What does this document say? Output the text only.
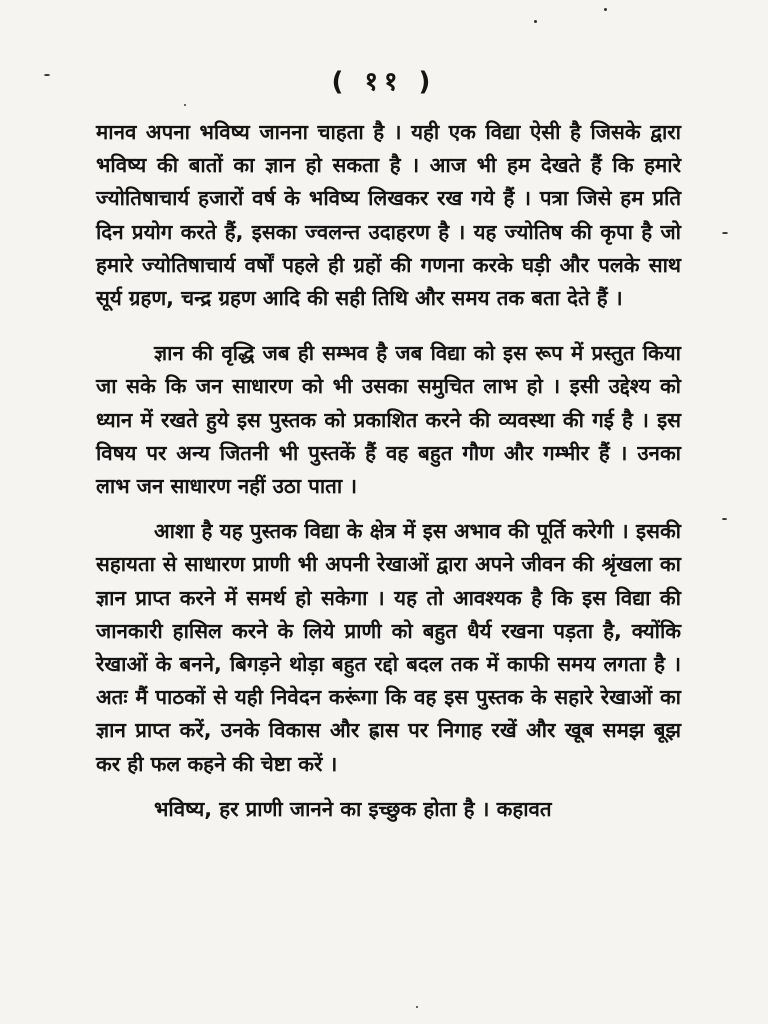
( ११ )

मानव अपना भविष्य जानना चाहता है । यही एक विद्या ऐसी है जिसके द्वारा भविष्य की बातों का ज्ञान हो सकता है । आज भी हम देखते हैं कि हमारे ज्योतिषाचार्य हजारों वर्ष के भविष्य लिखकर रख गये हैं । पत्रा जिसे हम प्रति दिन प्रयोग करते हैं, इसका ज्वलन्त उदाहरण है । यह ज्योतिष की कृपा है जो हमारे ज्योतिषाचार्य वर्षों पहले ही ग्रहों की गणना करके घड़ी और पलके साथ सूर्य ग्रहण, चन्द्र ग्रहण आदि की सही तिथि और समय तक बता देते हैं ।

ज्ञान की वृद्धि जब ही सम्भव है जब विद्या को इस रूप में प्रस्तुत किया जा सके कि जन साधारण को भी उसका समुचित लाभ हो । इसी उद्देश्य को ध्यान में रखते हुये इस पुस्तक को प्रकाशित करने की व्यवस्था की गई है । इस विषय पर अन्य जितनी भी पुस्तकें हैं वह बहुत गौण और गम्भीर हैं । उनका लाभ जन साधारण नहीं उठा पाता ।

आशा है यह पुस्तक विद्या के क्षेत्र में इस अभाव की पूर्ति करेगी । इसकी सहायता से साधारण प्राणी भी अपनी रेखाओं द्वारा अपने जीवन की श्रृंखला का ज्ञान प्राप्त करने में समर्थ हो सकेगा । यह तो आवश्यक है कि इस विद्या की जानकारी हासिल करने के लिये प्राणी को बहुत धैर्य रखना पड़ता है, क्योंकि रेखाओं के बनने, बिगड़ने थोड़ा बहुत रद्दो बदल तक में काफी समय लगता है । अतः मैं पाठकों से यही निवेदन करूंगा कि वह इस पुस्तक के सहारे रेखाओं का ज्ञान प्राप्त करें, उनके विकास और ह्रास पर निगाह रखें और खूब समझ बूझ कर ही फल कहने की चेष्टा करें ।

भविष्य, हर प्राणी जानने का इच्छुक होता है । कहावत
